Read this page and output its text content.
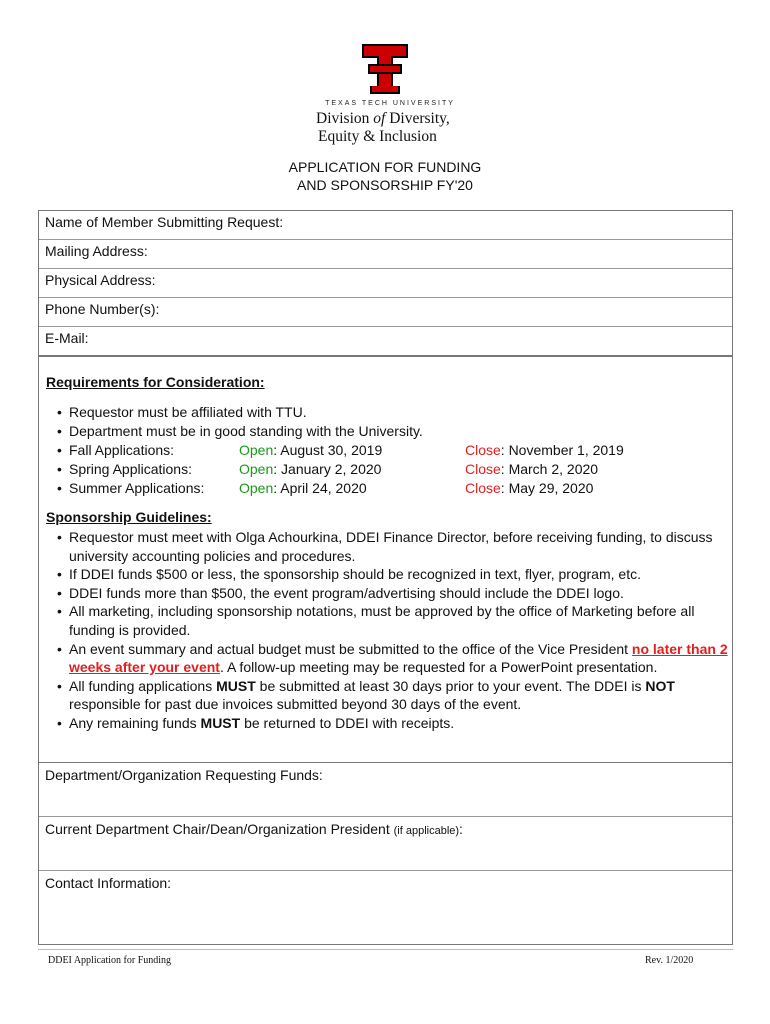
TEXAS TECH UNIVERSITY
Division of Diversity,
Equity & Inclusion
APPLICATION FOR FUNDING
AND SPONSORSHIP FY'20
Name of Member Submitting Request:
Mailing Address:
Physical Address:
Phone Number(s):
E-Mail:
Requirements for Consideration:
• Requestor must be affiliated with TTU.
• Department must be in good standing with the University.
• Fall Applications:	Open: August 30, 2019	Close: November 1, 2019
• Spring Applications:	Open: January 2, 2020	Close: March 2, 2020
• Summer Applications: Open: April 24, 2020	Close: May 29, 2020
Sponsorship Guidelines:
• Requestor must meet with Olga Achourkina, DDEI Finance Director, before receiving funding, to discuss university accounting policies and procedures.
• If DDEI funds $500 or less, the sponsorship should be recognized in text, flyer, program, etc.
• DDEI funds more than $500, the event program/advertising should include the DDEI logo.
• All marketing, including sponsorship notations, must be approved by the office of Marketing before all funding is provided.
• An event summary and actual budget must be submitted to the office of the Vice President no later than 2 weeks after your event. A follow-up meeting may be requested for a PowerPoint presentation.
• All funding applications MUST be submitted at least 30 days prior to your event. The DDEI is NOT responsible for past due invoices submitted beyond 30 days of the event.
• Any remaining funds MUST be returned to DDEI with receipts.
Department/Organization Requesting Funds:
Current Department Chair/Dean/Organization President (if applicable):
Contact Information:
DDEI Application for Funding	Rev. 1/2020
